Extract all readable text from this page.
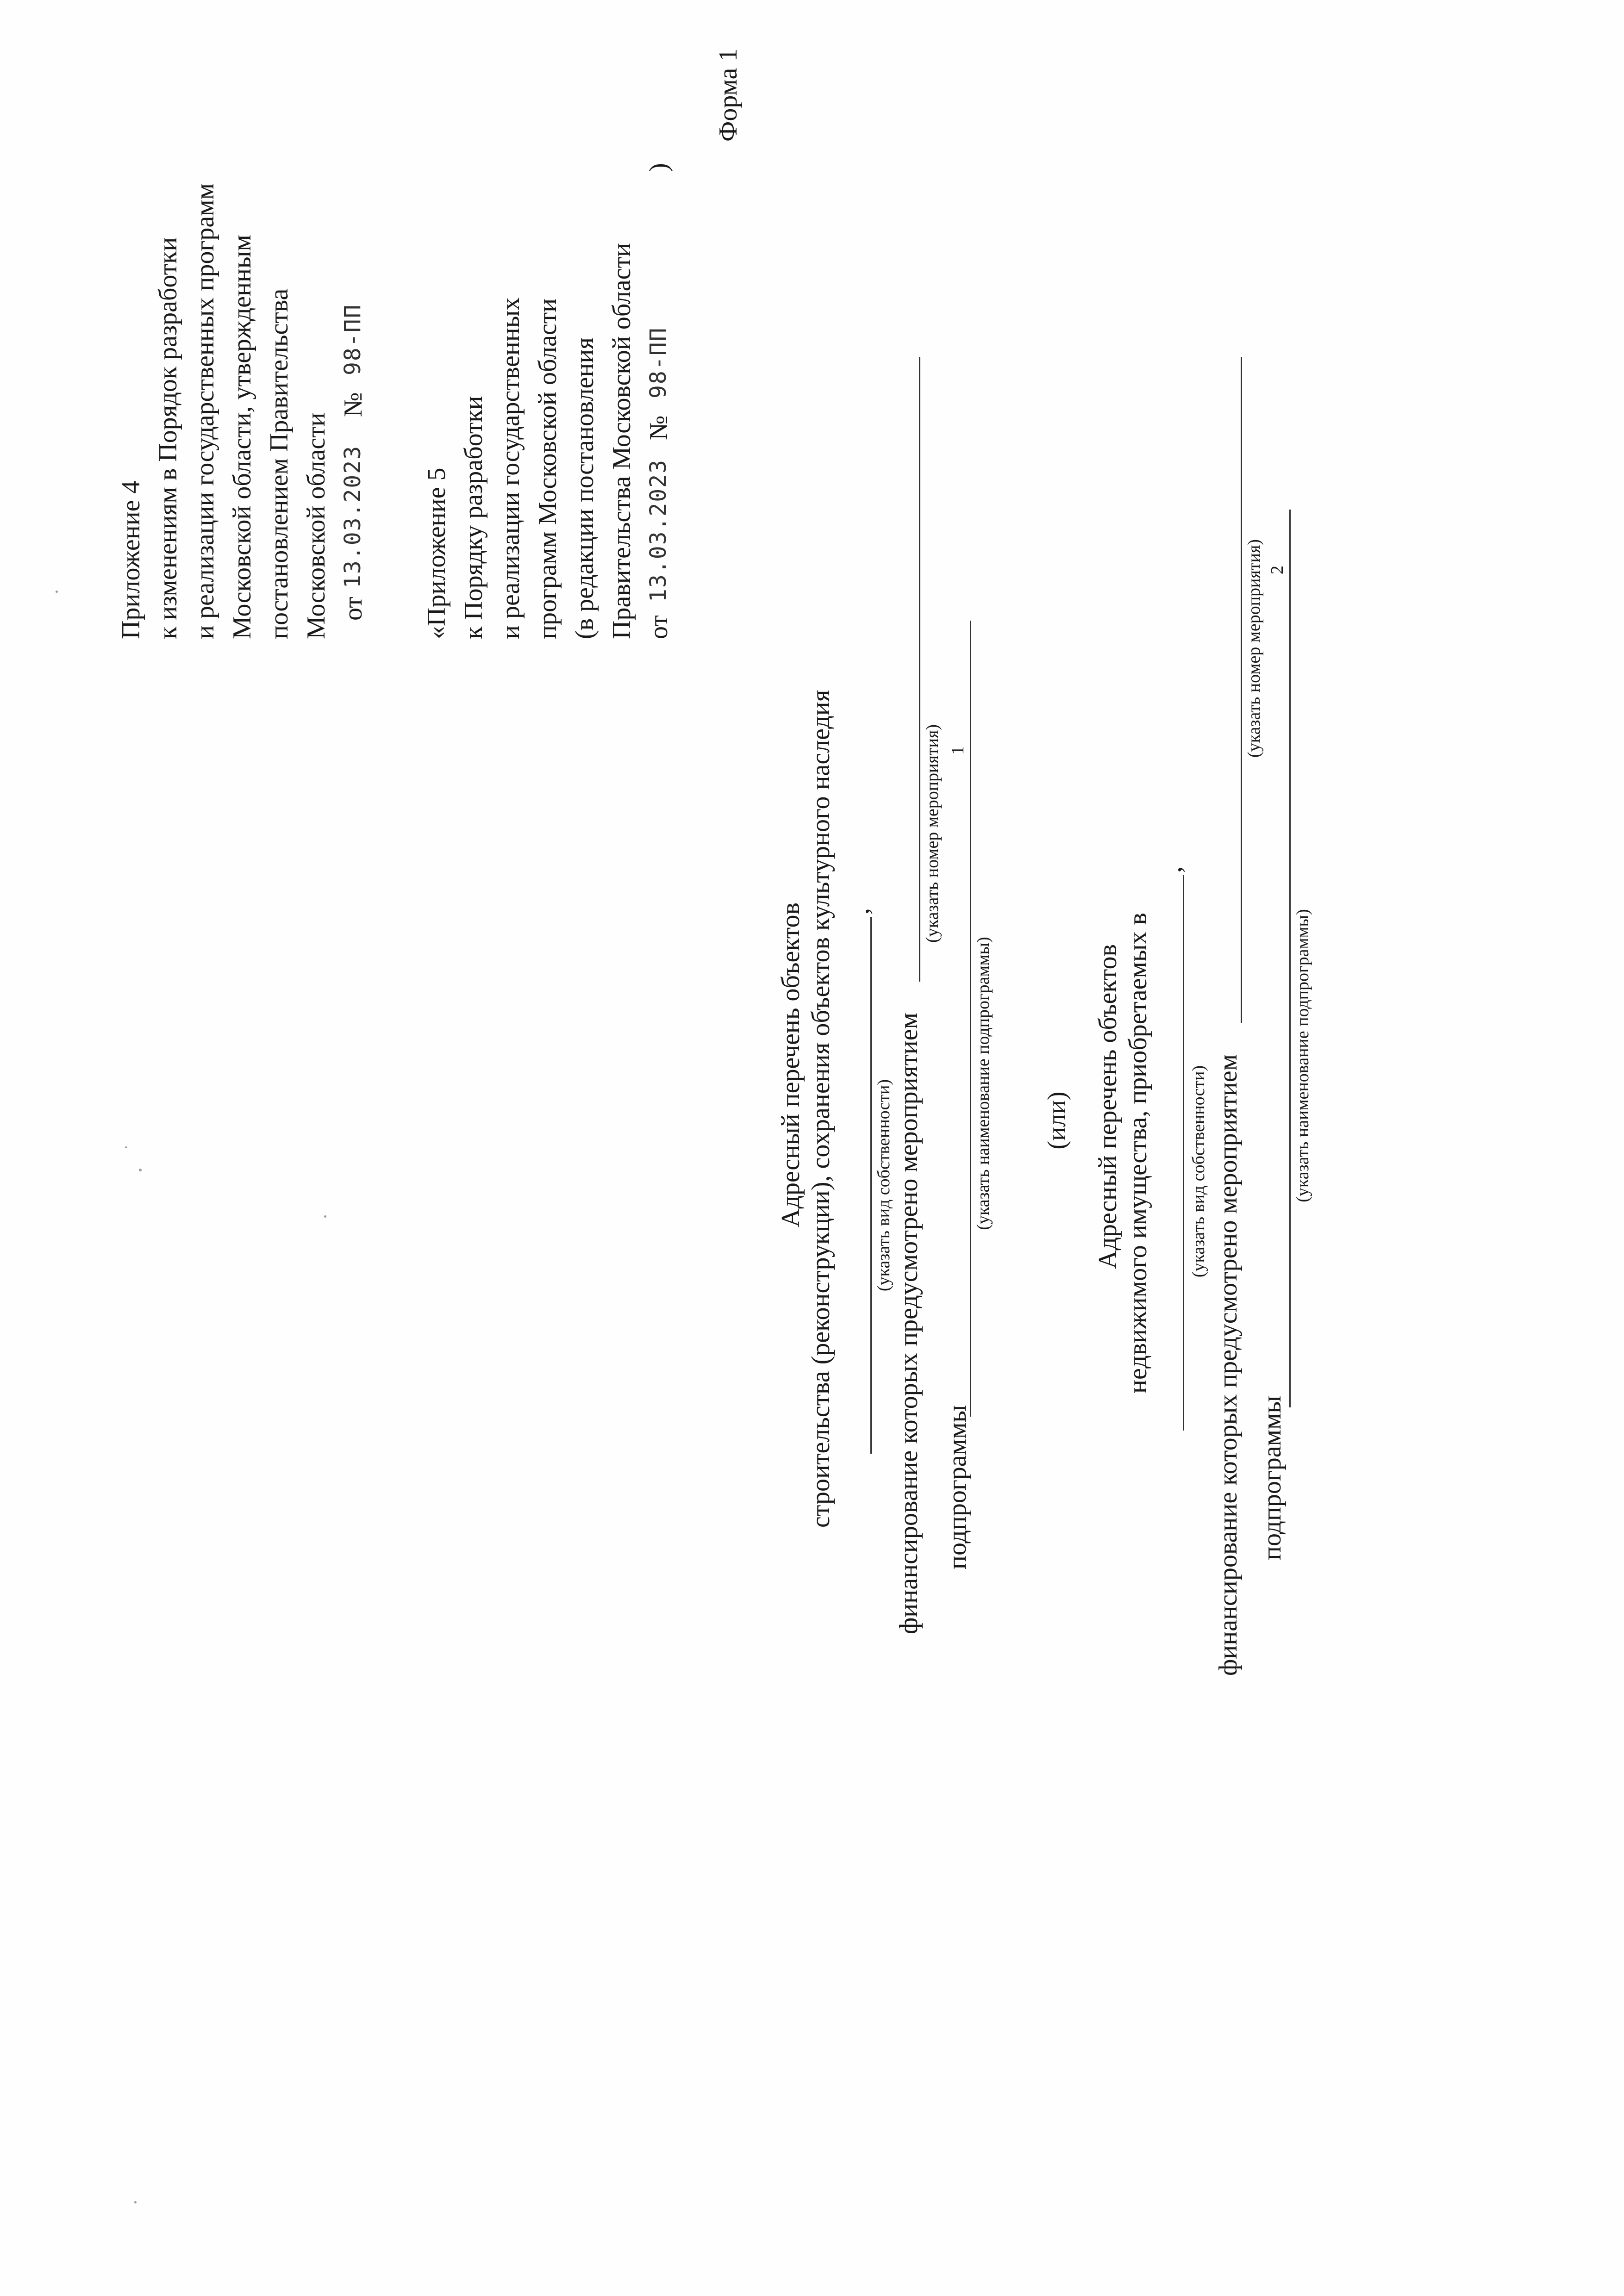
Приложение 4 к изменениям в Порядок разработки и реализации государственных программ Московской области, утвержденным постановлением Правительства Московской области от
13.03.2023
№
98-ПП
«Приложение 5 к Порядку разработки и реализации государственных программ Московской области (в редакции постановления Правительства Московской области от
13.03.2023
№
98-ПП
)
Форма 1
Адресный перечень объектов строительства (реконструкции), сохранения объектов культурного наследия ,
(указать вид собственности) финансирование которых предусмотрено мероприятием
(указать номер мероприятия) 1
подпрограммы
(указать наименование подпрограммы) (или) Адресный перечень объектов недвижимого имущества, приобретаемых в
,
(указать вид собственности) финансирование которых предусмотрено мероприятием
(указать номер мероприятия) 2
подпрограммы
(указать наименование подпрограммы)
